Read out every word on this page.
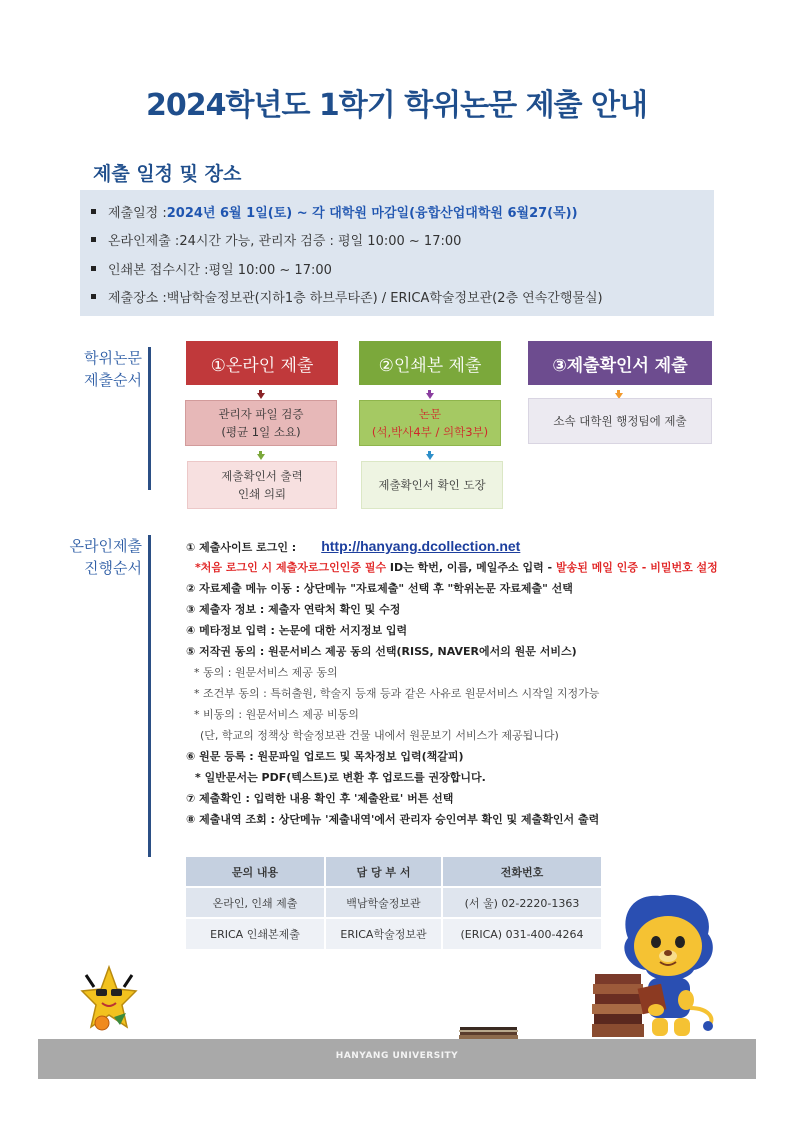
2024학년도 1학기 학위논문 제출 안내
제출 일정 및 장소
제출일정 : 2024년 6월 1일(토) ~ 각 대학원 마감일(융합산업대학원 6월27(목))
온라인제출 : 24시간 가능, 관리자 검증 : 평일 10:00 ~ 17:00
인쇄본 접수시간 : 평일 10:00 ~ 17:00
제출장소 : 백남학술정보관(지하1층 하브루타존) / ERICA학술정보관(2층 연속간행물실)
학위논문
제출순서
①온라인 제출	②인쇄본 제출	③제출확인서 제출
관리자 파일 검증
(평균 1일 소요)
논문
(석,박사4부 / 의학3부)
소속 대학원 행정팀에 제출
제출확인서 출력
인쇄 의뢰
제출확인서 확인 도장
온라인제출
진행순서
① 제출사이트 로그인 : http://hanyang.dcollection.net
*처음 로그인 시 제출자로그인인증 필수 ID는 학번, 이름, 메일주소 입력 - 발송된 메일 인증 - 비밀번호 설정
② 자료제출 메뉴 이동 : 상단메뉴 "자료제출" 선택 후 "학위논문 자료제출" 선택
③ 제출자 정보 : 제출자 연락처 확인 및 수정
④ 메타정보 입력 : 논문에 대한 서지정보 입력
⑤ 저작권 동의 : 원문서비스 제공 동의 선택(RISS, NAVER에서의 원문 서비스)
* 동의 : 원문서비스 제공 동의
* 조건부 동의 : 특허출원, 학술지 등재 등과 같은 사유로 원문서비스 시작일 지정가능
* 비동의 : 원문서비스 제공 비동의
(단, 학교의 정책상 학술정보관 건물 내에서 원문보기 서비스가 제공됩니다)
⑥ 원문 등록 : 원문파일 업로드 및 목차정보 입력(책갈피)
* 일반문서는 PDF(텍스트)로 변환 후 업로드를 권장합니다.
⑦ 제출확인 : 입력한 내용 확인 후 '제출완료' 버튼 선택
⑧ 제출내역 조회 : 상단메뉴 '제출내역'에서 관리자 승인여부 확인 및 제출확인서 출력
문의 내용	담 당 부 서	전화번호
온라인, 인쇄 제출	백남학술정보관	(서 울) 02-2220-1363
ERICA 인쇄본제출	ERICA학술정보관	(ERICA) 031-400-4264
HANYANG UNIVERSITY
